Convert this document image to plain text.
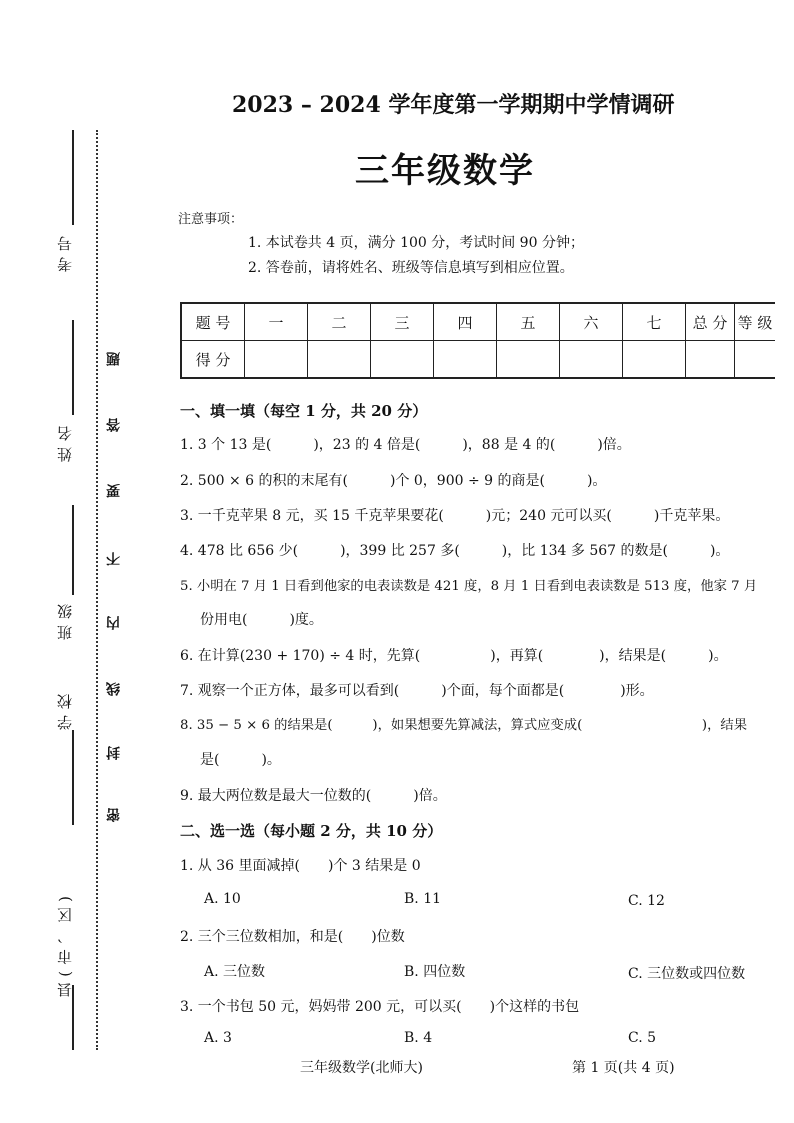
考号
姓名
班级
学校
县(市、区)
题
答
要
不
内
线
封
密
2023 – 2024 学年度第一学期期中学情调研
三年级数学
注意事项：
1. 本试卷共 4 页，满分 100 分，考试时间 90 分钟；
2. 答卷前，请将姓名、班级等信息填写到相应位置。
题 号	一	二	三	四	五	六	七	总 分	等 级
得 分									
一、填一填（每空 1 分，共 20 分）
1. 3 个 13 是(　　　)，23 的 4 倍是(　　　)，88 是 4 的(　　　)倍。
2. 500 × 6 的积的末尾有(　　　)个 0，900 ÷ 9 的商是(　　　)。
3. 一千克苹果 8 元，买 15 千克苹果要花(　　　)元；240 元可以买(　　　)千克苹果。
4. 478 比 656 少(　　　)，399 比 257 多(　　　)，比 134 多 567 的数是(　　　)。
5. 小明在 7 月 1 日看到他家的电表读数是 421 度，8 月 1 日看到电表读数是 513 度，他家 7 月
份用电(　　　)度。
6. 在计算(230 + 170) ÷ 4 时，先算(　　　　　)，再算(　　　　)，结果是(　　　)。
7. 观察一个正方体，最多可以看到(　　　)个面，每个面都是(　　　　)形。
8. 35 − 5 × 6 的结果是(　　　)，如果想要先算减法，算式应变成(　　　　　　　　　)，结果
是(　　　)。
9. 最大两位数是最大一位数的(　　　)倍。
二、选一选（每小题 2 分，共 10 分）
1. 从 36 里面减掉(　　)个 3 结果是 0
A. 10	B. 11	C. 12
2. 三个三位数相加，和是(　　)位数
A. 三位数	B. 四位数	C. 三位数或四位数
3. 一个书包 50 元，妈妈带 200 元，可以买(　　)个这样的书包
A. 3	B. 4	C. 5
三年级数学(北师大)	第 1 页(共 4 页)
